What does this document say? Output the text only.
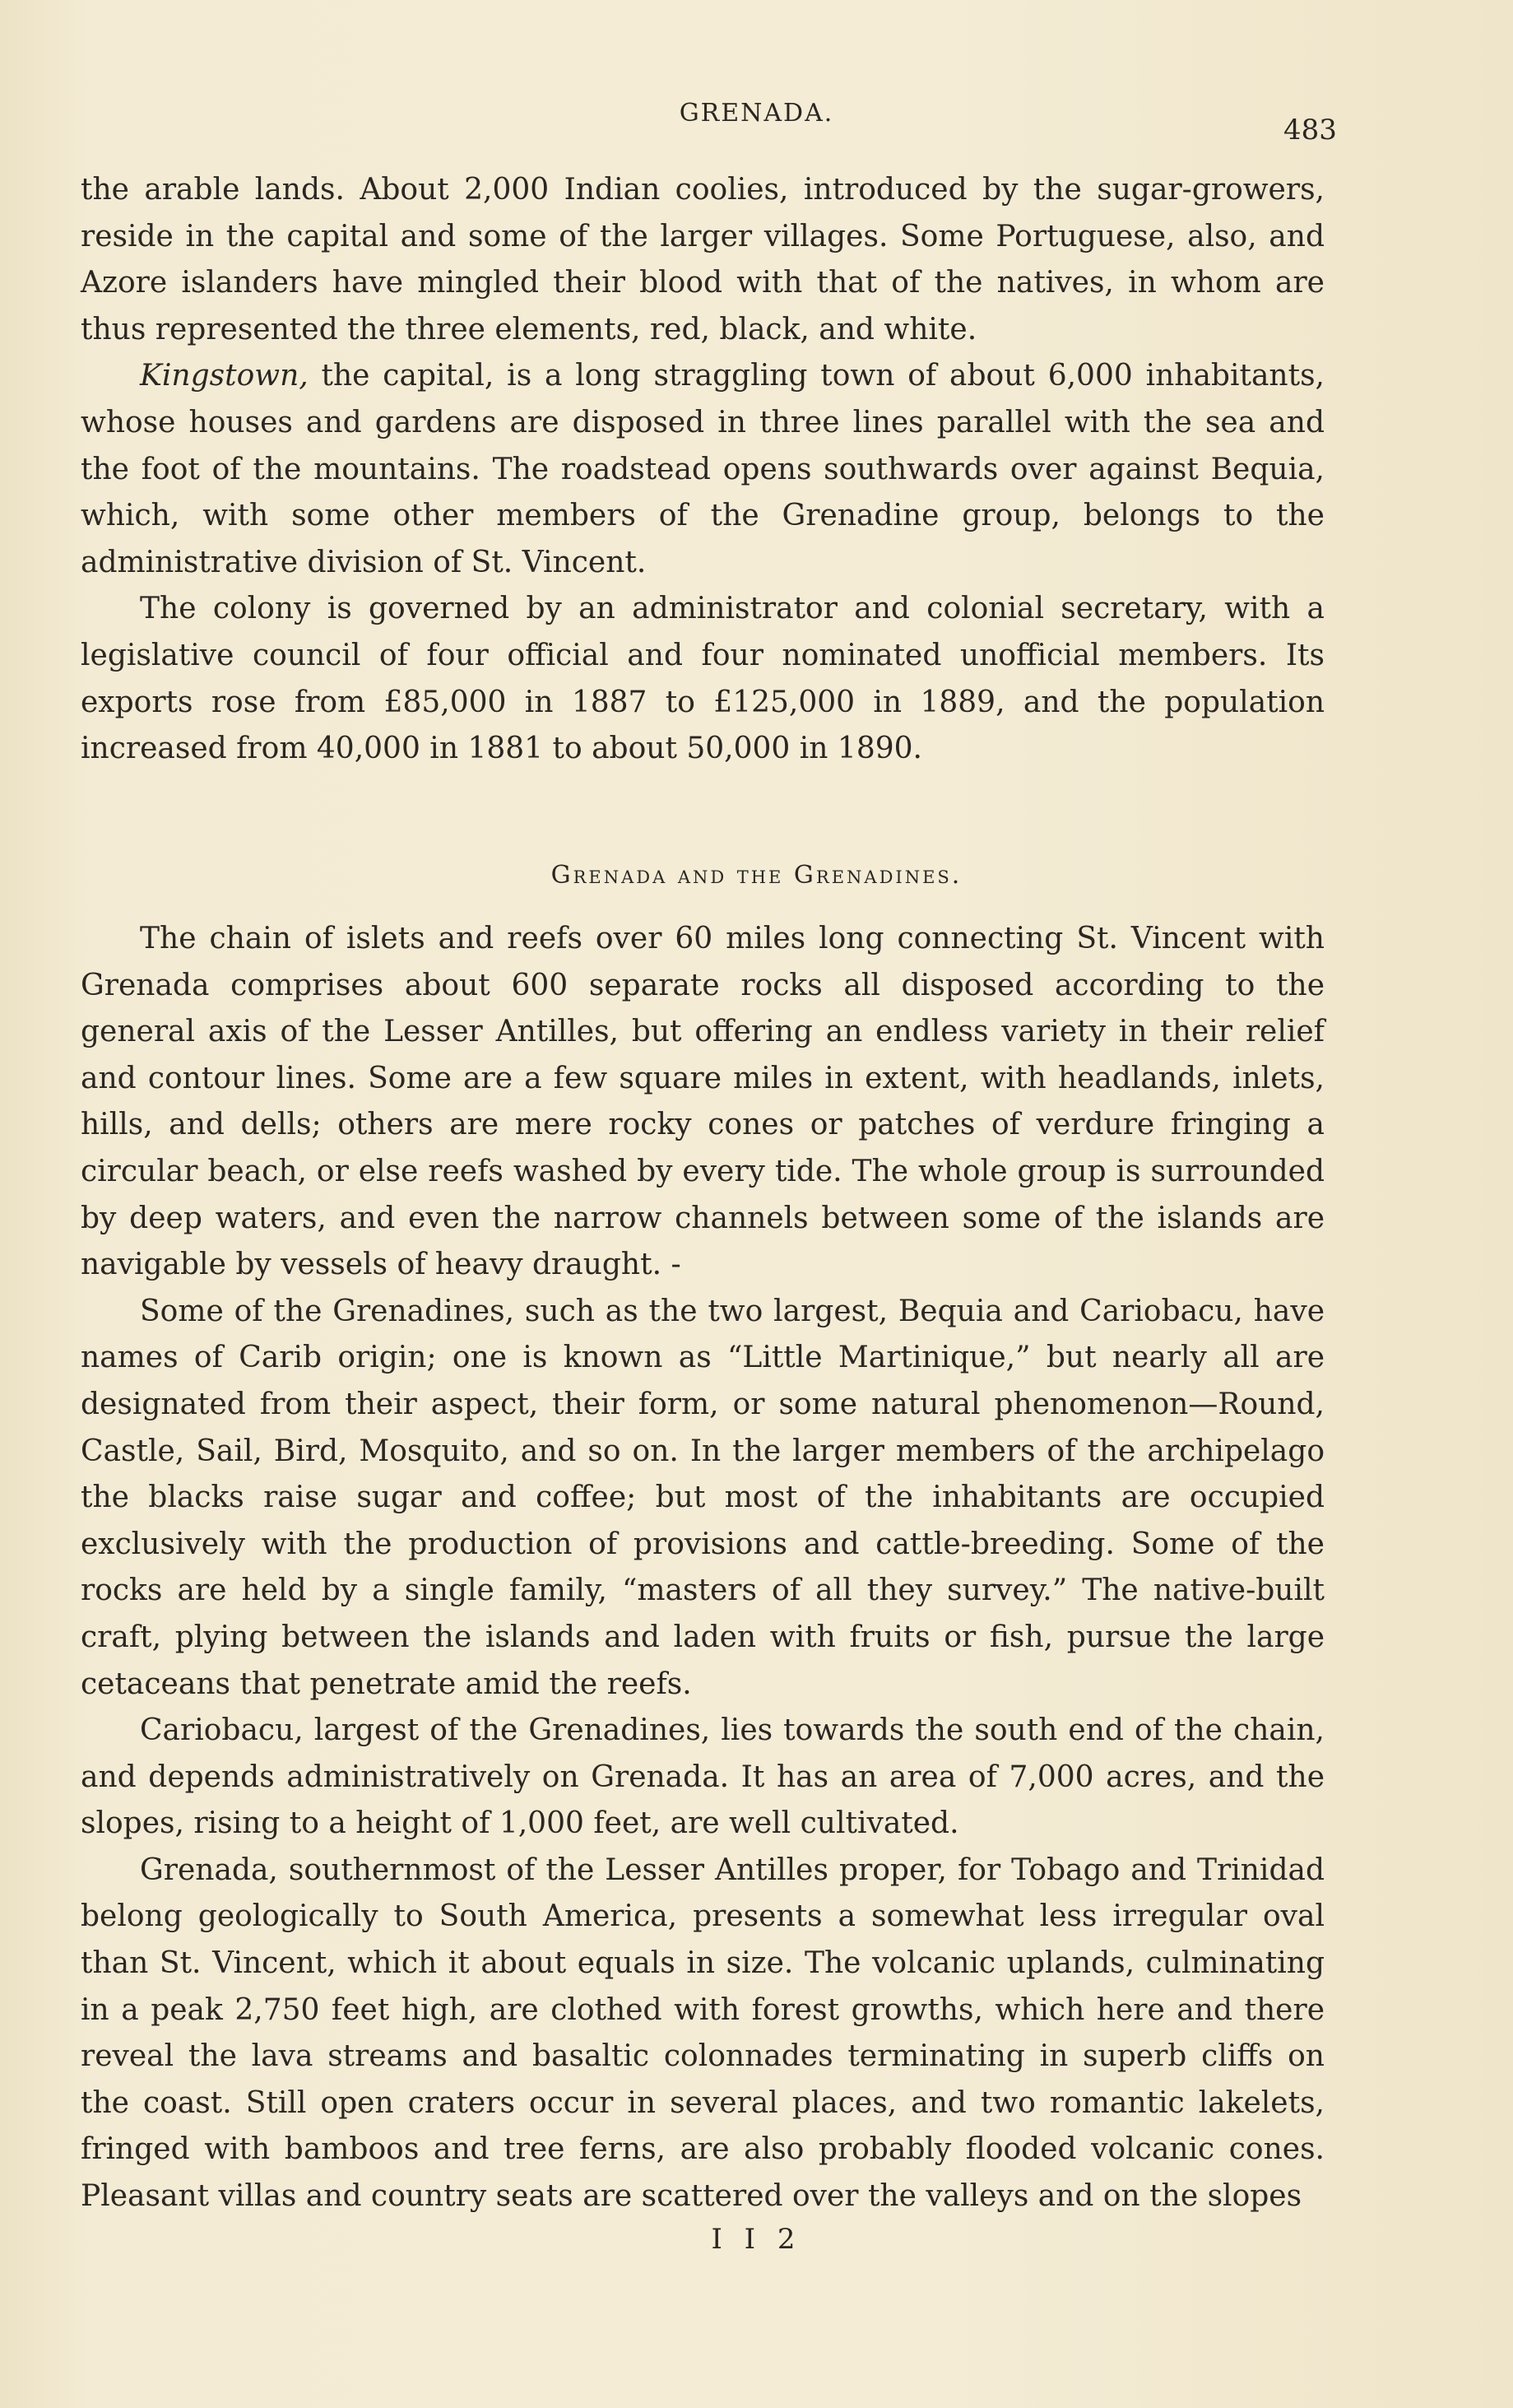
GRENADA.
483

the arable lands. About 2,000 Indian coolies, introduced by the sugar-growers, reside in the capital and some of the larger villages. Some Portuguese, also, and Azore islanders have mingled their blood with that of the natives, in whom are thus represented the three elements, red, black, and white.

Kingstown, the capital, is a long straggling town of about 6,000 inhabitants, whose houses and gardens are disposed in three lines parallel with the sea and the foot of the mountains. The roadstead opens southwards over against Bequia, which, with some other members of the Grenadine group, belongs to the administrative division of St. Vincent.

The colony is governed by an administrator and colonial secretary, with a legislative council of four official and four nominated unofficial members. Its exports rose from £85,000 in 1887 to £125,000 in 1889, and the population increased from 40,000 in 1881 to about 50,000 in 1890.

Grenada and the Grenadines.

The chain of islets and reefs over 60 miles long connecting St. Vincent with Grenada comprises about 600 separate rocks all disposed according to the general axis of the Lesser Antilles, but offering an endless variety in their relief and contour lines. Some are a few square miles in extent, with headlands, inlets, hills, and dells; others are mere rocky cones or patches of verdure fringing a circular beach, or else reefs washed by every tide. The whole group is surrounded by deep waters, and even the narrow channels between some of the islands are navigable by vessels of heavy draught. -

Some of the Grenadines, such as the two largest, Bequia and Cariobacu, have names of Carib origin; one is known as “Little Martinique,” but nearly all are designated from their aspect, their form, or some natural phenomenon—Round, Castle, Sail, Bird, Mosquito, and so on. In the larger members of the archipelago the blacks raise sugar and coffee; but most of the inhabitants are occupied exclusively with the production of provisions and cattle-breeding. Some of the rocks are held by a single family, “masters of all they survey.” The native-built craft, plying between the islands and laden with fruits or fish, pursue the large cetaceans that penetrate amid the reefs.

Cariobacu, largest of the Grenadines, lies towards the south end of the chain, and depends administratively on Grenada. It has an area of 7,000 acres, and the slopes, rising to a height of 1,000 feet, are well cultivated.

Grenada, southernmost of the Lesser Antilles proper, for Tobago and Trinidad belong geologically to South America, presents a somewhat less irregular oval than St. Vincent, which it about equals in size. The volcanic uplands, culminating in a peak 2,750 feet high, are clothed with forest growths, which here and there reveal the lava streams and basaltic colonnades terminating in superb cliffs on the coast. Still open craters occur in several places, and two romantic lakelets, fringed with bamboos and tree ferns, are also probably flooded volcanic cones. Pleasant villas and country seats are scattered over the valleys and on the slopes

I I 2
